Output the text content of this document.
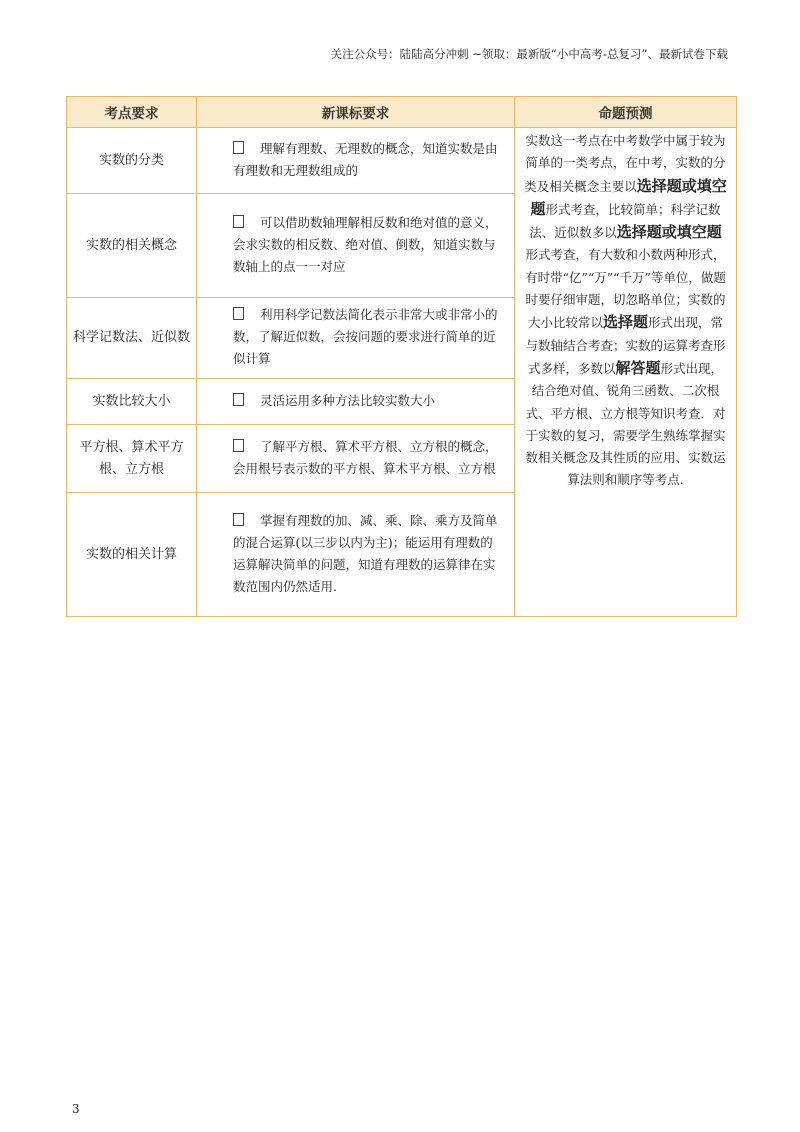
关注公众号：陆陆高分冲刺 ~领取：最新版“小中高考-总复习”、最新试卷下载
考点要求	新课标要求	命题预测
实数的分类	理解有理数、无理数的概念，知道实数是由有理数和无理数组成的	实数这一考点在中考数学中属于较为简单的一类考点，在中考，实数的分类及相关概念主要以选择题或填空题形式考查，比较简单；科学记数法、近似数多以选择题或填空题形式考查，有大数和小数两种形式，有时带“亿”“万”“千万”等单位，做题时要仔细审题，切忽略单位；实数的大小比较常以选择题形式出现，常与数轴结合考查；实数的运算考查形式多样，多数以解答题形式出现，结合绝对值、锐角三函数、二次根式、平方根、立方根等知识考查．对于实数的复习，需要学生熟练掌握实数相关概念及其性质的应用、实数运算法则和顺序等考点.
实数的相关概念	可以借助数轴理解相反数和绝对值的意义，会求实数的相反数、绝对值、倒数，知道实数与数轴上的点一一对应	
科学记数法、近似数	利用科学记数法简化表示非常大或非常小的数，了解近似数，会按问题的要求进行简单的近似计算	
实数比较大小	灵活运用多种方法比较实数大小	
平方根、算术平方根、立方根	了解平方根、算术平方根、立方根的概念，会用根号表示数的平方根、算术平方根、立方根	
实数的相关计算	掌握有理数的加、减、乘、除、乘方及简单的混合运算(以三步以内为主)；能运用有理数的运算解决简单的问题，知道有理数的运算律在实数范围内仍然适用.	
3
